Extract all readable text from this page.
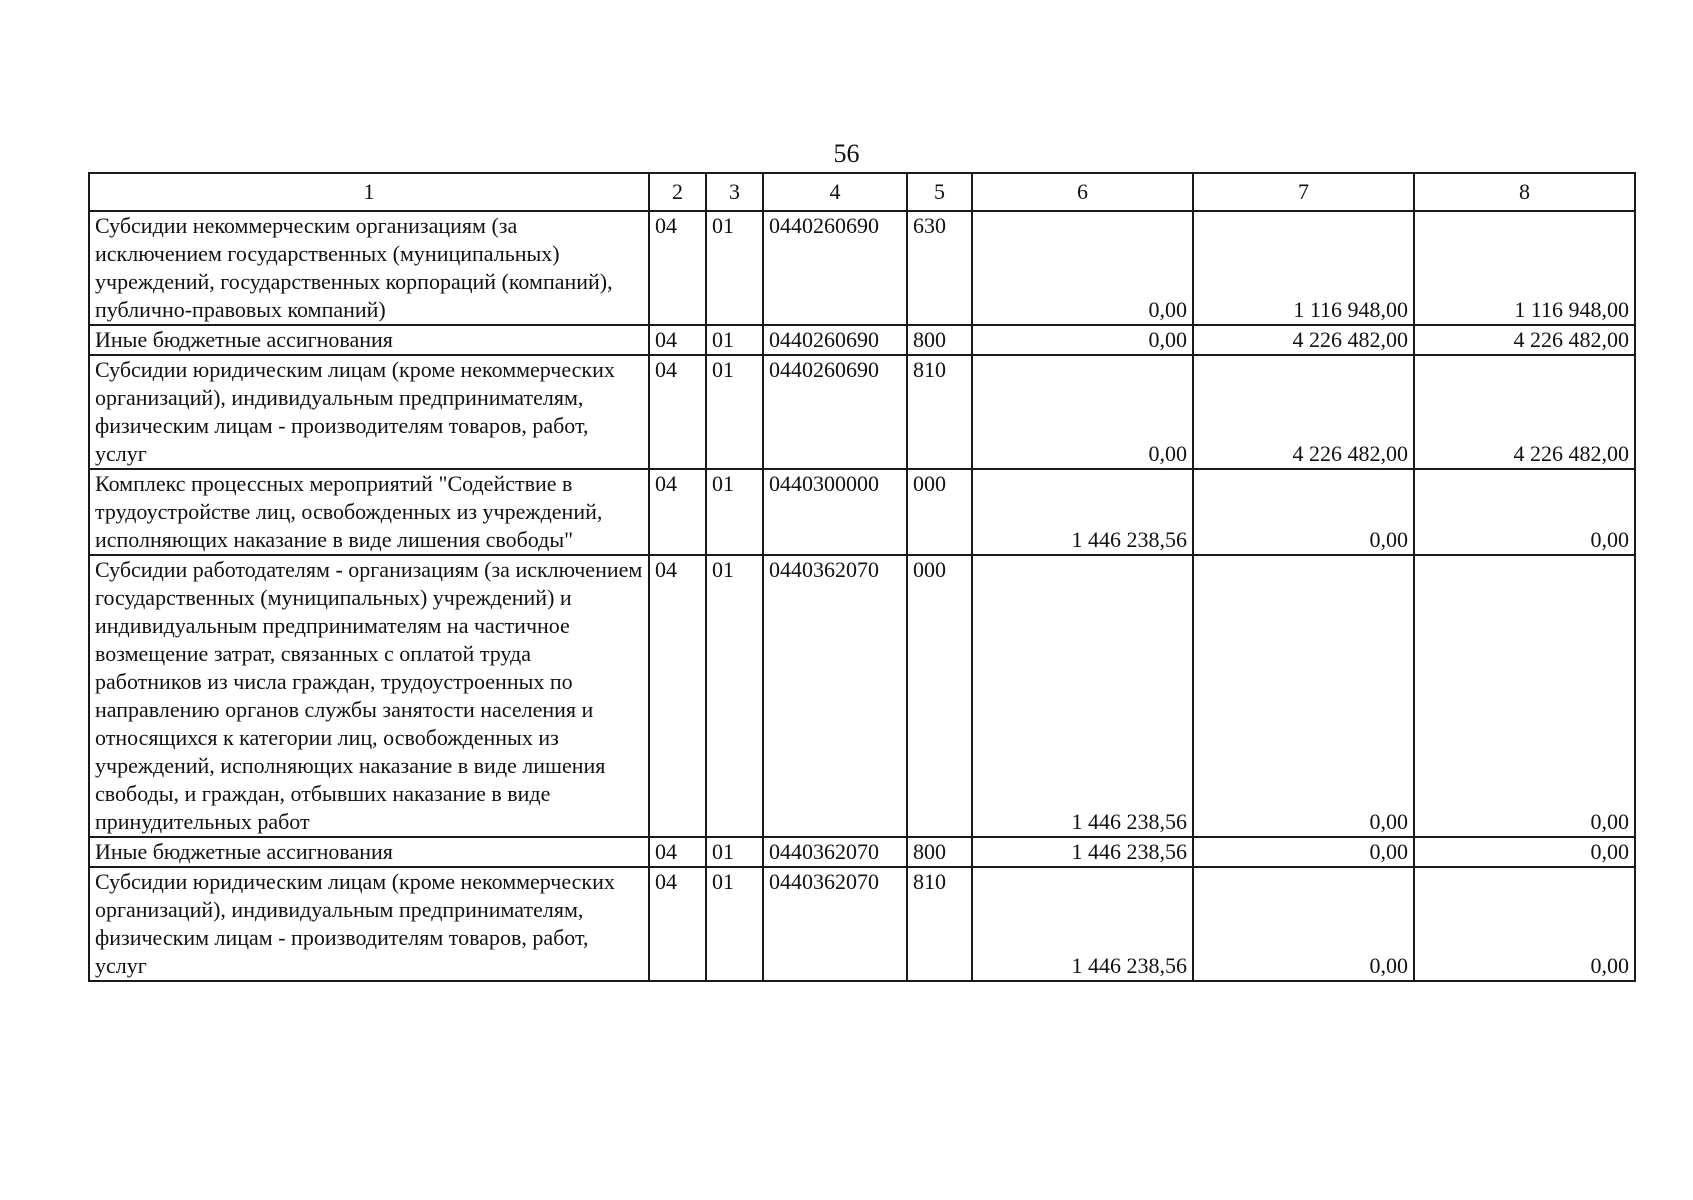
56
1	2	3	4	5	6	7	8
Субсидии некоммерческим организациям (за исключением государственных (муниципальных) учреждений, государственных корпораций (компаний), публично-правовых компаний)	04	01	0440260690	630	0,00	1 116 948,00	1 116 948,00
Иные бюджетные ассигнования	04	01	0440260690	800	0,00	4 226 482,00	4 226 482,00
Субсидии юридическим лицам (кроме некоммерческих организаций), индивидуальным предпринимателям, физическим лицам - производителям товаров, работ, услуг	04	01	0440260690	810	0,00	4 226 482,00	4 226 482,00
Комплекс процессных мероприятий "Содействие в трудоустройстве лиц, освобожденных из учреждений, исполняющих наказание в виде лишения свободы"	04	01	0440300000	000	1 446 238,56	0,00	0,00
Субсидии работодателям - организациям (за исключением государственных (муниципальных) учреждений) и индивидуальным предпринимателям на частичное возмещение затрат, связанных с оплатой труда работников из числа граждан, трудоустроенных по направлению органов службы занятости населения и относящихся к категории лиц, освобожденных из учреждений, исполняющих наказание в виде лишения свободы, и граждан, отбывших наказание в виде принудительных работ	04	01	0440362070	000	1 446 238,56	0,00	0,00
Иные бюджетные ассигнования	04	01	0440362070	800	1 446 238,56	0,00	0,00
Субсидии юридическим лицам (кроме некоммерческих организаций), индивидуальным предпринимателям, физическим лицам - производителям товаров, работ, услуг	04	01	0440362070	810	1 446 238,56	0,00	0,00
